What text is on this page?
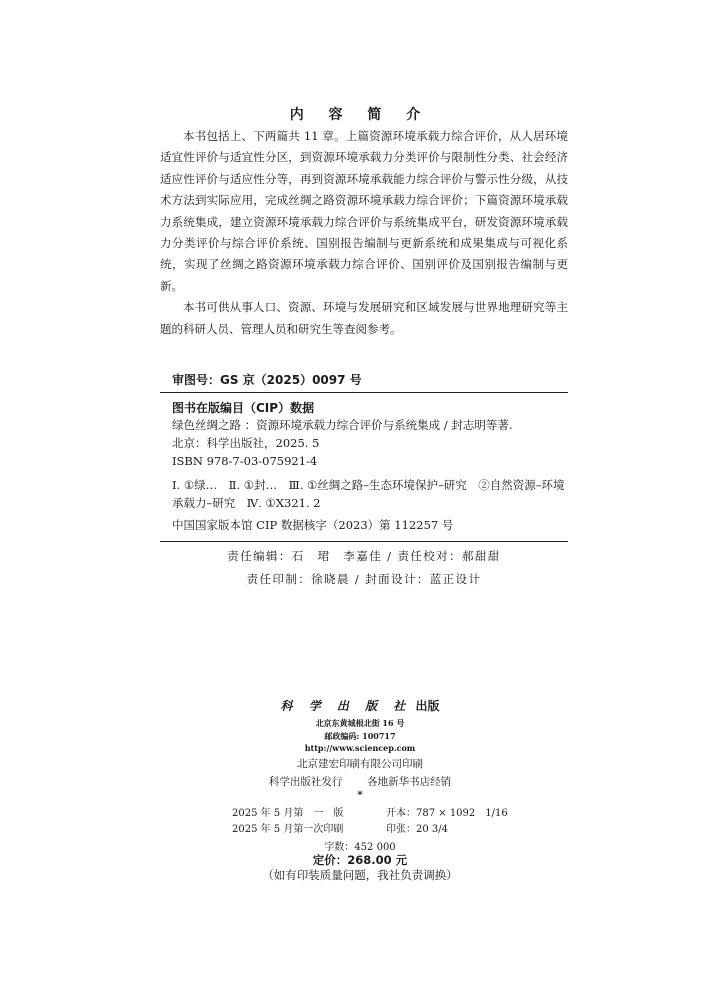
内 容 简 介

本书包括上、下两篇共 11 章。上篇资源环境承载力综合评价，从人居环境适宜性评价与适宜性分区，到资源环境承载力分类评价与限制性分类、社会经济适应性评价与适应性分等，再到资源环境承载能力综合评价与警示性分级，从技术方法到实际应用，完成丝绸之路资源环境承载力综合评价；下篇资源环境承载力系统集成，建立资源环境承载力综合评价与系统集成平台，研发资源环境承载力分类评价与综合评价系统、国别报告编制与更新系统和成果集成与可视化系统，实现了丝绸之路资源环境承载力综合评价、国别评价及国别报告编制与更新。

本书可供从事人口、资源、环境与发展研究和区域发展与世界地理研究等主题的科研人员、管理人员和研究生等查阅参考。

审图号：GS 京（2025）0097 号
图书在版编目（CIP）数据
绿色丝绸之路 ：资源环境承载力综合评价与系统集成 / 封志明等著.
北京：科学出版社，2025. 5
ISBN 978-7-03-075921-4
Ⅰ. ①绿…　Ⅱ. ①封…　Ⅲ. ①丝绸之路–生态环境保护–研究　②自然资源–环境承载力–研究　Ⅳ. ①X321. 2
中国国家版本馆 CIP 数据核字（2023）第 112257 号
责任编辑：石　珺　李嘉佳 / 责任校对：郝甜甜
责任印制：徐晓晨 / 封面设计：蓝正设计
科 学 出 版 社 出版
北京东黄城根北街 16 号
邮政编码: 100717
http://www.sciencep.com
北京建宏印刷有限公司印刷
科学出版社发行 各地新华书店经销
*
2025 年 5 月第　一　版	开本：787 × 1092　1/16
2025 年 5 月第一次印刷	印张：20 3/4
字数：452 000
定价：268.00 元
（如有印装质量问题，我社负责调换）
